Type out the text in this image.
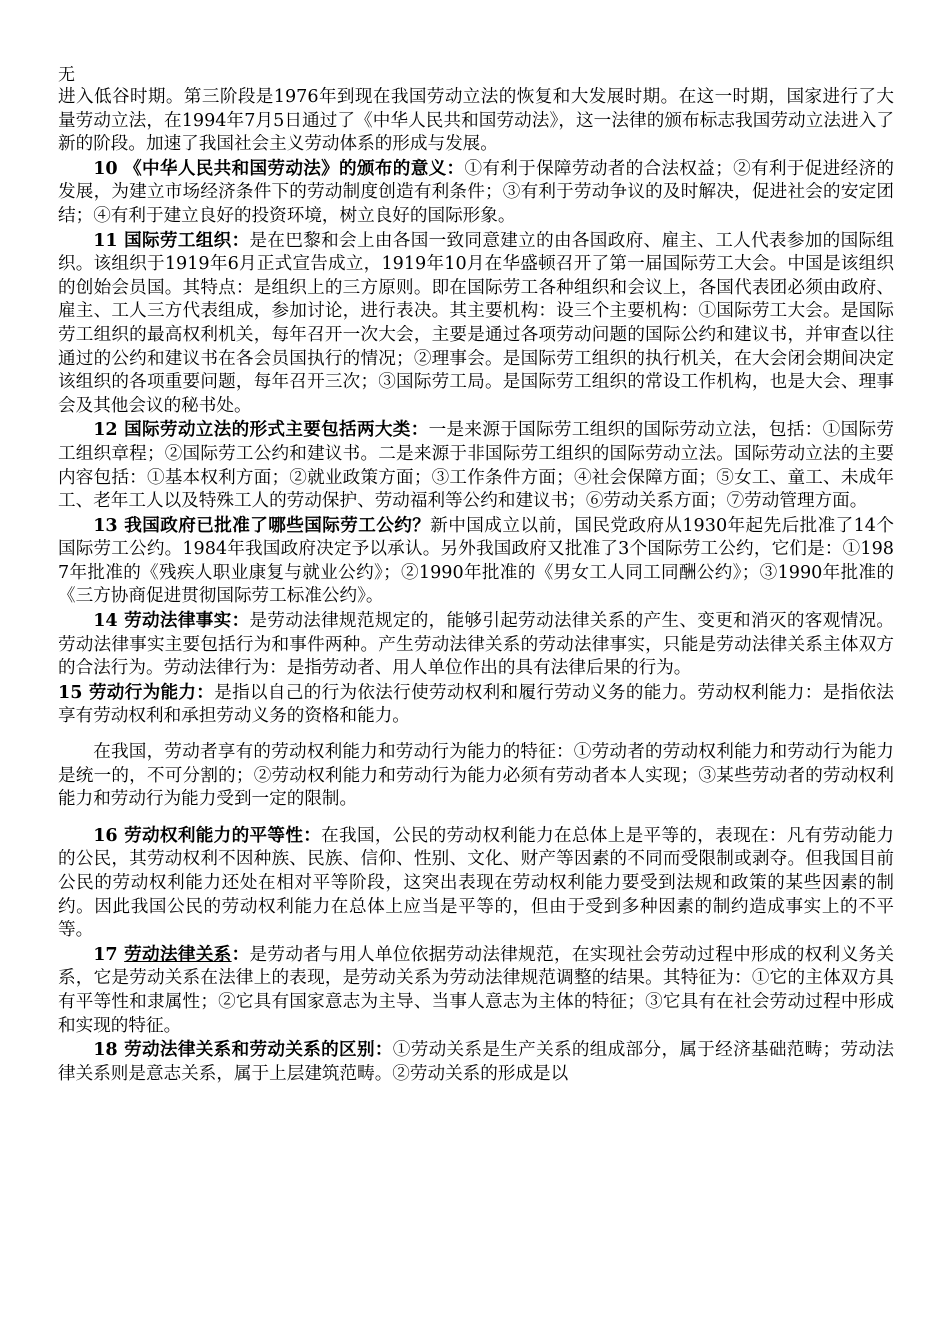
无

进入低谷时期。第三阶段是1976年到现在我国劳动立法的恢复和大发展时期。在这一时期，国家进行了大量劳动立法，在1994年7月5日通过了《中华人民共和国劳动法》，这一法律的颁布标志我国劳动立法进入了新的阶段。加速了我国社会主义劳动体系的形成与发展。

10 《中华人民共和国劳动法》的颁布的意义：①有利于保障劳动者的合法权益；②有利于促进经济的发展，为建立市场经济条件下的劳动制度创造有利条件；③有利于劳动争议的及时解决，促进社会的安定团结；④有利于建立良好的投资环境，树立良好的国际形象。

11 国际劳工组织：是在巴黎和会上由各国一致同意建立的由各国政府、雇主、工人代表参加的国际组织。该组织于1919年6月正式宣告成立，1919年10月在华盛顿召开了第一届国际劳工大会。中国是该组织的创始会员国。其特点：是组织上的三方原则。即在国际劳工各种组织和会议上，各国代表团必须由政府、雇主、工人三方代表组成，参加讨论，进行表决。其主要机构：设三个主要机构：①国际劳工大会。是国际劳工组织的最高权利机关，每年召开一次大会，主要是通过各项劳动问题的国际公约和建议书，并审查以往通过的公约和建议书在各会员国执行的情况；②理事会。是国际劳工组织的执行机关，在大会闭会期间决定该组织的各项重要问题，每年召开三次；③国际劳工局。是国际劳工组织的常设工作机构，也是大会、理事会及其他会议的秘书处。

12 国际劳动立法的形式主要包括两大类：一是来源于国际劳工组织的国际劳动立法，包括：①国际劳工组织章程；②国际劳工公约和建议书。二是来源于非国际劳工组织的国际劳动立法。国际劳动立法的主要内容包括：①基本权利方面；②就业政策方面；③工作条件方面；④社会保障方面；⑤女工、童工、未成年工、老年工人以及特殊工人的劳动保护、劳动福利等公约和建议书；⑥劳动关系方面；⑦劳动管理方面。

13 我国政府已批准了哪些国际劳工公约？新中国成立以前，国民党政府从1930年起先后批准了14个国际劳工公约。1984年我国政府决定予以承认。另外我国政府又批准了3个国际劳工公约，它们是：①1987年批准的《残疾人职业康复与就业公约》；②1990年批准的《男女工人同工同酬公约》；③1990年批准的《三方协商促进贯彻国际劳工标准公约》。

14 劳动法律事实：是劳动法律规范规定的，能够引起劳动法律关系的产生、变更和消灭的客观情况。劳动法律事实主要包括行为和事件两种。产生劳动法律关系的劳动法律事实，只能是劳动法律关系主体双方的合法行为。劳动法律行为：是指劳动者、用人单位作出的具有法律后果的行为。

15 劳动行为能力：是指以自己的行为依法行使劳动权利和履行劳动义务的能力。劳动权利能力：是指依法享有劳动权利和承担劳动义务的资格和能力。

在我国，劳动者享有的劳动权利能力和劳动行为能力的特征：①劳动者的劳动权利能力和劳动行为能力是统一的，不可分割的；②劳动权利能力和劳动行为能力必须有劳动者本人实现；③某些劳动者的劳动权利能力和劳动行为能力受到一定的限制。

16 劳动权利能力的平等性：在我国，公民的劳动权利能力在总体上是平等的，表现在：凡有劳动能力的公民，其劳动权利不因种族、民族、信仰、性别、文化、财产等因素的不同而受限制或剥夺。但我国目前公民的劳动权利能力还处在相对平等阶段，这突出表现在劳动权利能力要受到法规和政策的某些因素的制约。因此我国公民的劳动权利能力在总体上应当是平等的，但由于受到多种因素的制约造成事实上的不平等。

17 劳动法律关系：是劳动者与用人单位依据劳动法律规范，在实现社会劳动过程中形成的权利义务关系，它是劳动关系在法律上的表现，是劳动关系为劳动法律规范调整的结果。其特征为：①它的主体双方具有平等性和隶属性；②它具有国家意志为主导、当事人意志为主体的特征；③它具有在社会劳动过程中形成和实现的特征。

18 劳动法律关系和劳动关系的区别：①劳动关系是生产关系的组成部分，属于经济基础范畴；劳动法律关系则是意志关系，属于上层建筑范畴。②劳动关系的形成是以
